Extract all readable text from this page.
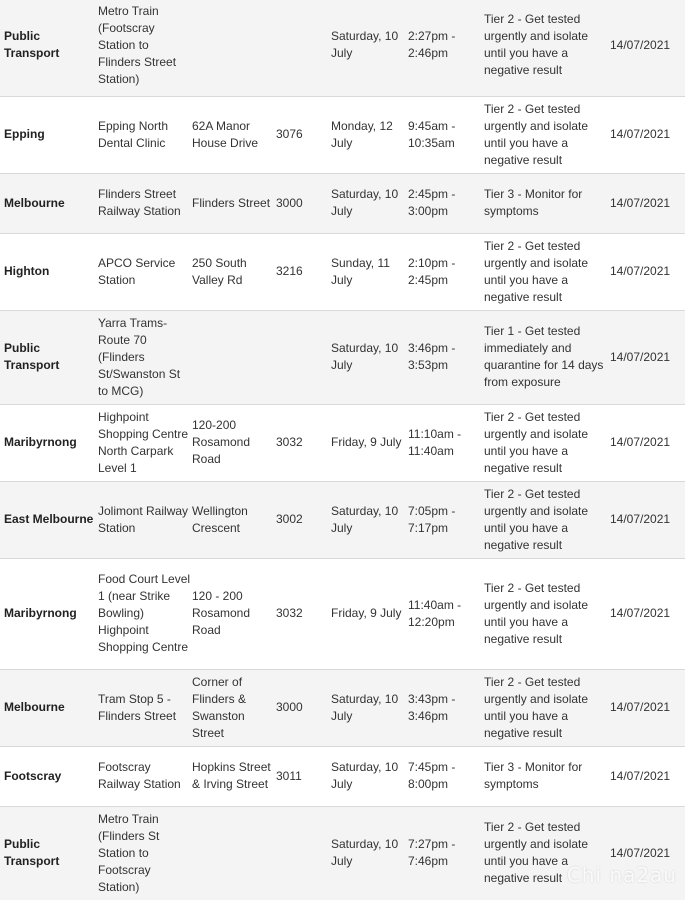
Public Transport	Metro Train (Footscray Station to Flinders Street Station)			Saturday, 10 July	2:27pm - 2:46pm	Tier 2 - Get tested urgently and isolate until you have a negative result	14/07/2021
Epping	Epping North Dental Clinic	62A Manor House Drive	3076	Monday, 12 July	9:45am - 10:35am	Tier 2 - Get tested urgently and isolate until you have a negative result	14/07/2021
Melbourne	Flinders Street Railway Station	Flinders Street	3000	Saturday, 10 July	2:45pm - 3:00pm	Tier 3 - Monitor for symptoms	14/07/2021
Highton	APCO Service Station	250 South Valley Rd	3216	Sunday, 11 July	2:10pm - 2:45pm	Tier 2 - Get tested urgently and isolate until you have a negative result	14/07/2021
Public Transport	Yarra Trams- Route 70 (Flinders St/Swanston St to MCG)			Saturday, 10 July	3:46pm - 3:53pm	Tier 1 - Get tested immediately and quarantine for 14 days from exposure	14/07/2021
Maribyrnong	Highpoint Shopping Centre North Carpark Level 1	120-200 Rosamond Road	3032	Friday, 9 July	11:10am - 11:40am	Tier 2 - Get tested urgently and isolate until you have a negative result	14/07/2021
East Melbourne	Jolimont Railway Station	Wellington Crescent	3002	Saturday, 10 July	7:05pm - 7:17pm	Tier 2 - Get tested urgently and isolate until you have a negative result	14/07/2021
Maribyrnong	Food Court Level 1 (near Strike Bowling) Highpoint Shopping Centre	120 - 200 Rosamond Road	3032	Friday, 9 July	11:40am - 12:20pm	Tier 2 - Get tested urgently and isolate until you have a negative result	14/07/2021
Melbourne	Tram Stop 5 - Flinders Street	Corner of Flinders & Swanston Street	3000	Saturday, 10 July	3:43pm - 3:46pm	Tier 2 - Get tested urgently and isolate until you have a negative result	14/07/2021
Footscray	Footscray Railway Station	Hopkins Street & Irving Street	3011	Saturday, 10 July	7:45pm - 8:00pm	Tier 3 - Monitor for symptoms	14/07/2021
Public Transport	Metro Train (Flinders St Station to Footscray Station)			Saturday, 10 July	7:27pm - 7:46pm	Tier 2 - Get tested urgently and isolate until you have a negative result	14/07/2021
Chi na2au
